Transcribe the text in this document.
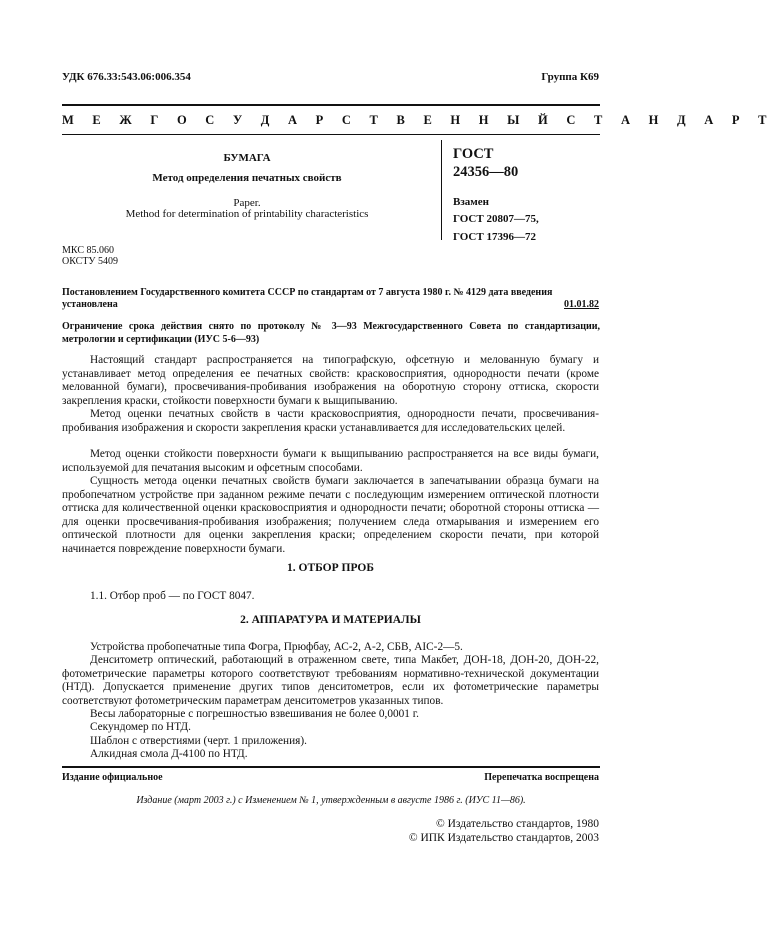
УДК 676.33:543.06:006.354	Группа К69
М Е Ж Г О С У Д А Р С Т В Е Н Н Ы Й С Т А Н Д А Р Т
БУМАГА
Метод определения печатных свойств
Paper.
Method for determination of printability characteristics
ГОСТ
24356—80
Взамен
ГОСТ 20807—75,
ГОСТ 17396—72
МКС 85.060
ОКСТУ 5409
Постановлением Государственного комитета СССР по стандартам от 7 августа 1980 г. № 4129 дата введения
установлена	01.01.82
Ограничение срока действия снято по протоколу № 3—93 Межгосударственного Совета по стандартизации, метрологии и сертификации (ИУС 5-6—93)
Настоящий стандарт распространяется на типографскую, офсетную и мелованную бумагу и устанавливает метод определения ее печатных свойств: красковосприятия, однородности печати (кроме мелованной бумаги), просвечивания-пробивания изображения на оборотную сторону оттиска, скорости закрепления краски, стойкости поверхности бумаги к выщипыванию.
Метод оценки печатных свойств в части красковосприятия, однородности печати, просвечивания-пробивания изображения и скорости закрепления краски устанавливается для исследовательских целей.
Метод оценки стойкости поверхности бумаги к выщипыванию распространяется на все виды бумаги, используемой для печатания высоким и офсетным способами.
Сущность метода оценки печатных свойств бумаги заключается в запечатывании образца бумаги на пробопечатном устройстве при заданном режиме печати с последующим измерением оптической плотности оттиска для количественной оценки красковосприятия и однородности печати; оборотной стороны оттиска — для оценки просвечивания-пробивания изображения; получением следа отмарывания и измерением его оптической плотности для оценки закрепления краски; определением скорости печати, при которой начинается повреждение поверхности бумаги.
1. ОТБОР ПРОБ
1.1. Отбор проб — по ГОСТ 8047.
2. АППАРАТУРА И МАТЕРИАЛЫ
Устройства пробопечатные типа Фогра, Прюфбау, АС-2, А-2, СБВ, АIС-2—5.
Денситометр оптический, работающий в отраженном свете, типа Макбет, ДОН-18, ДОН-20, ДОН-22, фотометрические параметры которого соответствуют требованиям нормативно-технической документации (НТД). Допускается применение других типов денситометров, если их фотометрические параметры соответствуют фотометрическим параметрам денситометров указанных типов.
Весы лабораторные с погрешностью взвешивания не более 0,0001 г.
Секундомер по НТД.
Шаблон с отверстиями (черт. 1 приложения).
Алкидная смола Д-4100 по НТД.
Издание официальное	Перепечатка воспрещена
Издание (март 2003 г.) с Изменением № 1, утвержденным в августе 1986 г. (ИУС 11—86).
© Издательство стандартов, 1980
© ИПК Издательство стандартов, 2003
